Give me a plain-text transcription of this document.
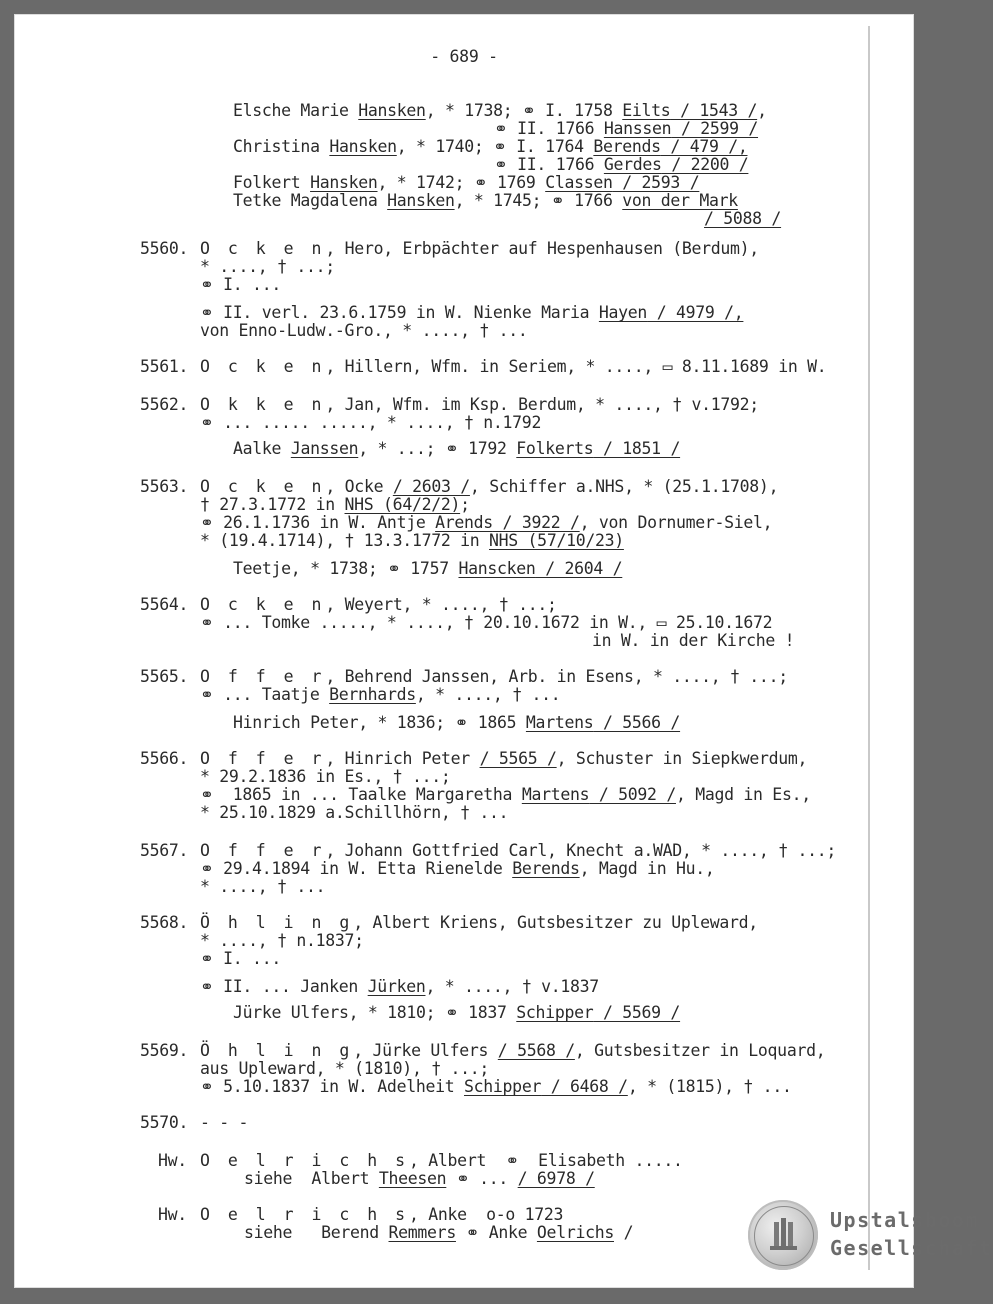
- 689 -
Elsche Marie Hansken, * 1738; ⚭ I. 1758 Eilts / 1543 /,
⚭ II. 1766 Hanssen / 2599 /
Christina Hansken, * 1740; ⚭ I. 1764 Berends / 479 /,
⚭ II. 1766 Gerdes / 2200 /
Folkert Hansken, * 1742; ⚭ 1769 Classen / 2593 /
Tetke Magdalena Hansken, * 1745; ⚭ 1766 von der Mark
/ 5088 /
5560. O c k e n, Hero, Erbpächter auf Hespenhausen (Berdum),
* ...., † ...;
⚭ I. ...
⚭ II. verl. 23.6.1759 in W. Nienke Maria Hayen / 4979 /,
von Enno-Ludw.-Gro., * ...., † ...
5561. O c k e n, Hillern, Wfm. in Seriem, * ...., ▭ 8.11.1689 in W.
5562. O k k e n, Jan, Wfm. im Ksp. Berdum, * ...., † v.1792;
⚭ ... ..... ....., * ...., † n.1792
Aalke Janssen, * ...; ⚭ 1792 Folkerts / 1851 /
5563. O c k e n, Ocke / 2603 /, Schiffer a.NHS, * (25.1.1708),
† 27.3.1772 in NHS (64/2/2);
⚭ 26.1.1736 in W. Antje Arends / 3922 /, von Dornumer-Siel,
* (19.4.1714), † 13.3.1772 in NHS (57/10/23)
Teetje, * 1738; ⚭ 1757 Hanscken / 2604 /
5564. O c k e n, Weyert, * ...., † ...;
⚭ ... Tomke ....., * ...., † 20.10.1672 in W., ▭ 25.10.1672
in W. in der Kirche !
5565. O f f e r, Behrend Janssen, Arb. in Esens, * ...., † ...;
⚭ ... Taatje Bernhards, * ...., † ...
Hinrich Peter, * 1836; ⚭ 1865 Martens / 5566 /
5566. O f f e r, Hinrich Peter / 5565 /, Schuster in Siepkwerdum,
* 29.2.1836 in Es., † ...;
⚭  1865 in ... Taalke Margaretha Martens / 5092 /, Magd in Es.,
* 25.10.1829 a.Schillhörn, † ...
5567. O f f e r, Johann Gottfried Carl, Knecht a.WAD, * ...., † ...;
⚭ 29.4.1894 in W. Etta Rienelde Berends, Magd in Hu.,
* ...., † ...
5568. Ö h l i n g, Albert Kriens, Gutsbesitzer zu Upleward,
* ...., † n.1837;
⚭ I. ...
⚭ II. ... Janken Jürken, * ...., † v.1837
Jürke Ulfers, * 1810; ⚭ 1837 Schipper / 5569 /
5569. Ö h l i n g, Jürke Ulfers / 5568 /, Gutsbesitzer in Loquard,
aus Upleward, * (1810), † ...;
⚭ 5.10.1837 in W. Adelheit Schipper / 6468 /, * (1815), † ...
5570. - - -
Hw. O e l r i c h s, Albert  ⚭  Elisabeth .....
siehe  Albert Theesen ⚭ ... / 6978 /
Hw. O e l r i c h s, Anke  o-o 1723
siehe   Berend Remmers ⚭ Anke Oelrichs /
Upstalsboom
Gesellschaft
